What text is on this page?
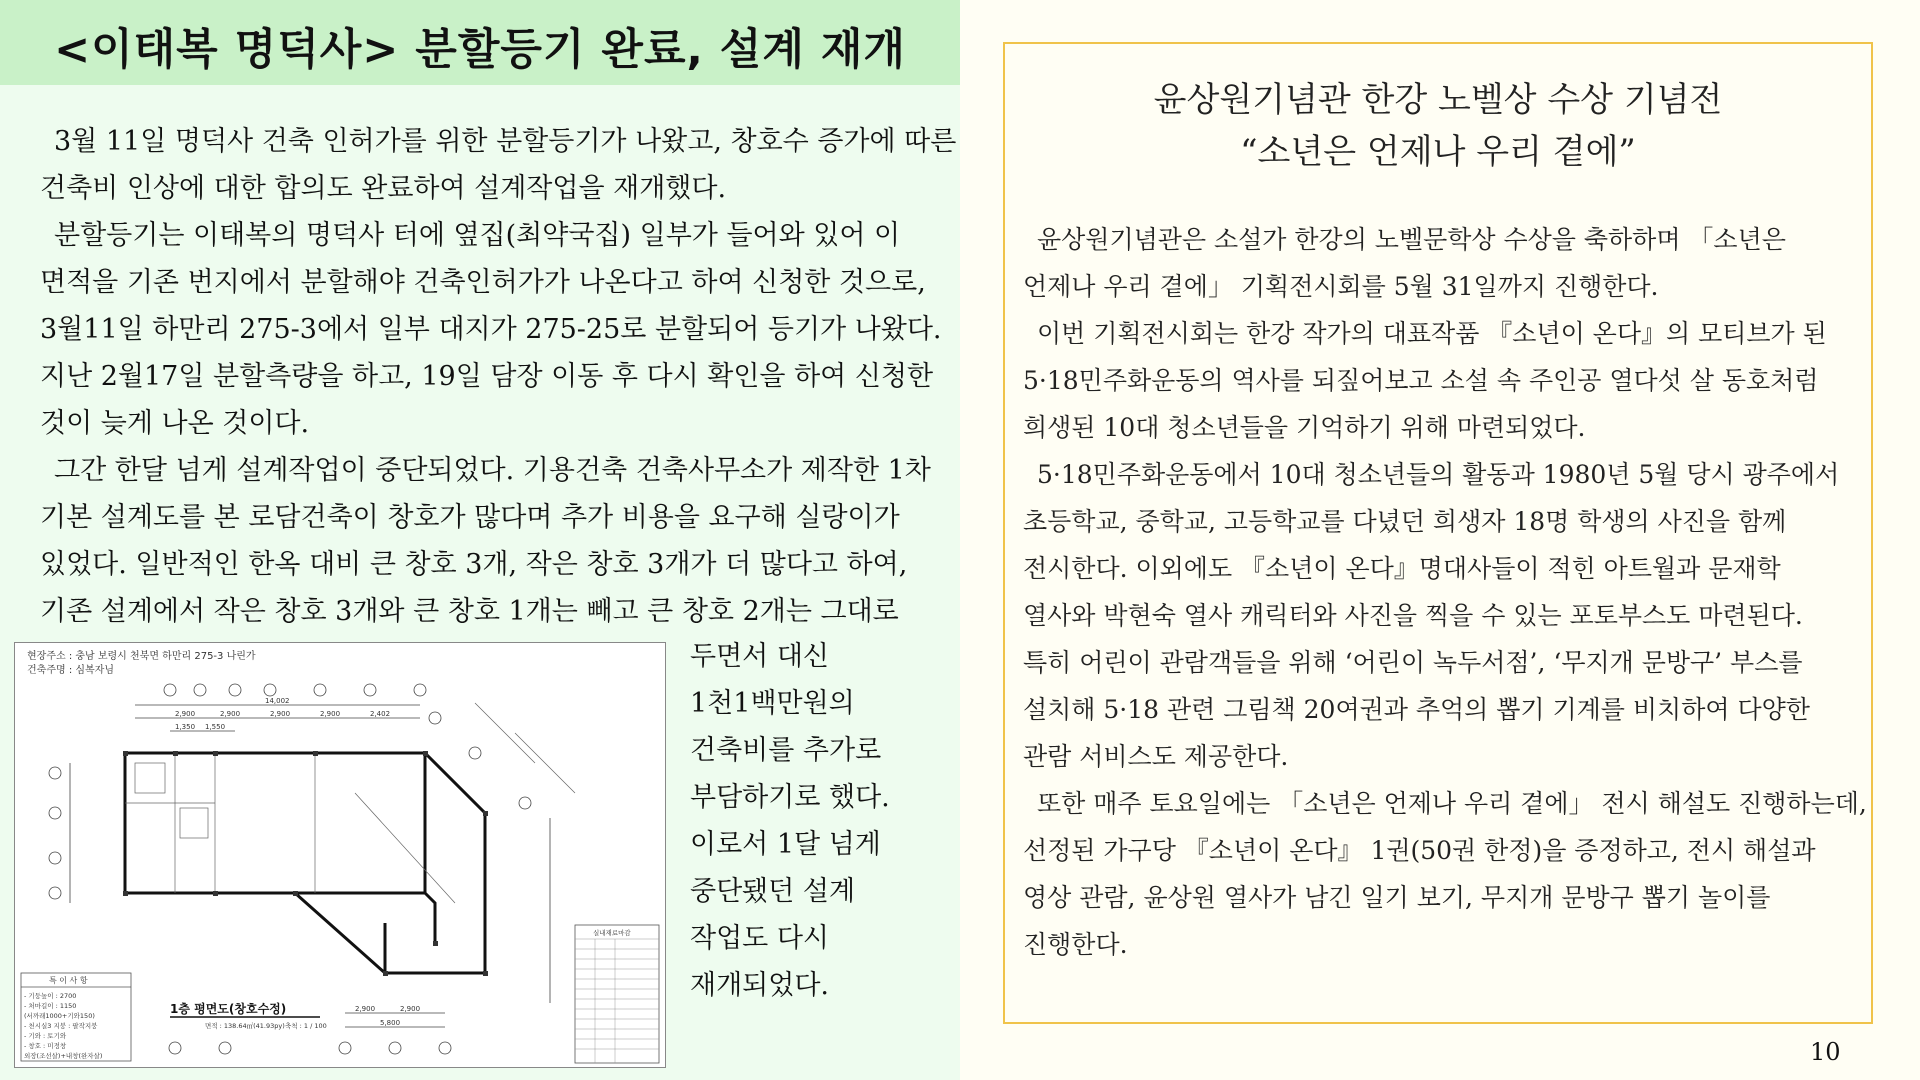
<이태복 명덕사> 분할등기 완료, 설계 재개

3월 11일 명덕사 건축 인허가를 위한 분할등기가 나왔고, 창호수 증가에 따른

건축비 인상에 대한 합의도 완료하여 설계작업을 재개했다.

분할등기는 이태복의 명덕사 터에 옆집(최약국집) 일부가 들어와 있어 이

면적을 기존 번지에서 분할해야 건축인허가가 나온다고 하여 신청한 것으로,

3월11일 하만리 275-3에서 일부 대지가 275-25로 분할되어 등기가 나왔다.

지난 2월17일 분할측량을 하고, 19일 담장 이동 후 다시 확인을 하여 신청한

것이 늦게 나온 것이다.

그간 한달 넘게 설계작업이 중단되었다. 기용건축 건축사무소가 제작한 1차

기본 설계도를 본 로담건축이 창호가 많다며 추가 비용을 요구해 실랑이가

있었다. 일반적인 한옥 대비 큰 창호 3개, 작은 창호 3개가 더 많다고 하여,

기존 설계에서 작은 창호 3개와 큰 창호 1개는 빼고 큰 창호 2개는 그대로

현장주소 : 충남 보령시 천북면 하만리 275-3 나린가
건축주명 : 심복자님
14,002
2,900	2,900	2,900	2,900	2,402
1,350 1,550
2,900	2,900
5,800
특 이 사 항
- 기둥높이 : 2700
- 처마길이 : 1150
(서까래1000+기와150)
- 천시실3 지붕 : 팔작지붕
- 기와 : 토기와
- 창호 : 미정창
외장(조선살)+내창(완자살)
1층 평면도(창호수정)
면적 : 138.64㎡(41.93py) 축척 : 1 / 100
실내재료마감

두면서 대신

1천1백만원의

건축비를 추가로

부담하기로 했다.

이로서 1달 넘게

중단됐던 설계

작업도 다시

재개되었다.

윤상원기념관 한강 노벨상 수상 기념전
“소년은 언제나 우리 곁에”

윤상원기념관은 소설가 한강의 노벨문학상 수상을 축하하며 「소년은

언제나 우리 곁에」 기획전시회를 5월 31일까지 진행한다.

이번 기획전시회는 한강 작가의 대표작품 『소년이 온다』의 모티브가 된

5·18민주화운동의 역사를 되짚어보고 소설 속 주인공 열다섯 살 동호처럼

희생된 10대 청소년들을 기억하기 위해 마련되었다.

5·18민주화운동에서 10대 청소년들의 활동과 1980년 5월 당시 광주에서

초등학교, 중학교, 고등학교를 다녔던 희생자 18명 학생의 사진을 함께

전시한다. 이외에도 『소년이 온다』명대사들이 적힌 아트월과 문재학

열사와 박현숙 열사 캐릭터와 사진을 찍을 수 있는 포토부스도 마련된다.

특히 어린이 관람객들을 위해 ‘어린이 녹두서점’, ‘무지개 문방구’ 부스를

설치해 5·18 관련 그림책 20여권과 추억의 뽑기 기계를 비치하여 다양한

관람 서비스도 제공한다.

또한 매주 토요일에는 「소년은 언제나 우리 곁에」 전시 해설도 진행하는데,

선정된 가구당 『소년이 온다』 1권(50권 한정)을 증정하고, 전시 해설과

영상 관람, 윤상원 열사가 남긴 일기 보기, 무지개 문방구 뽑기 놀이를

진행한다.

10
